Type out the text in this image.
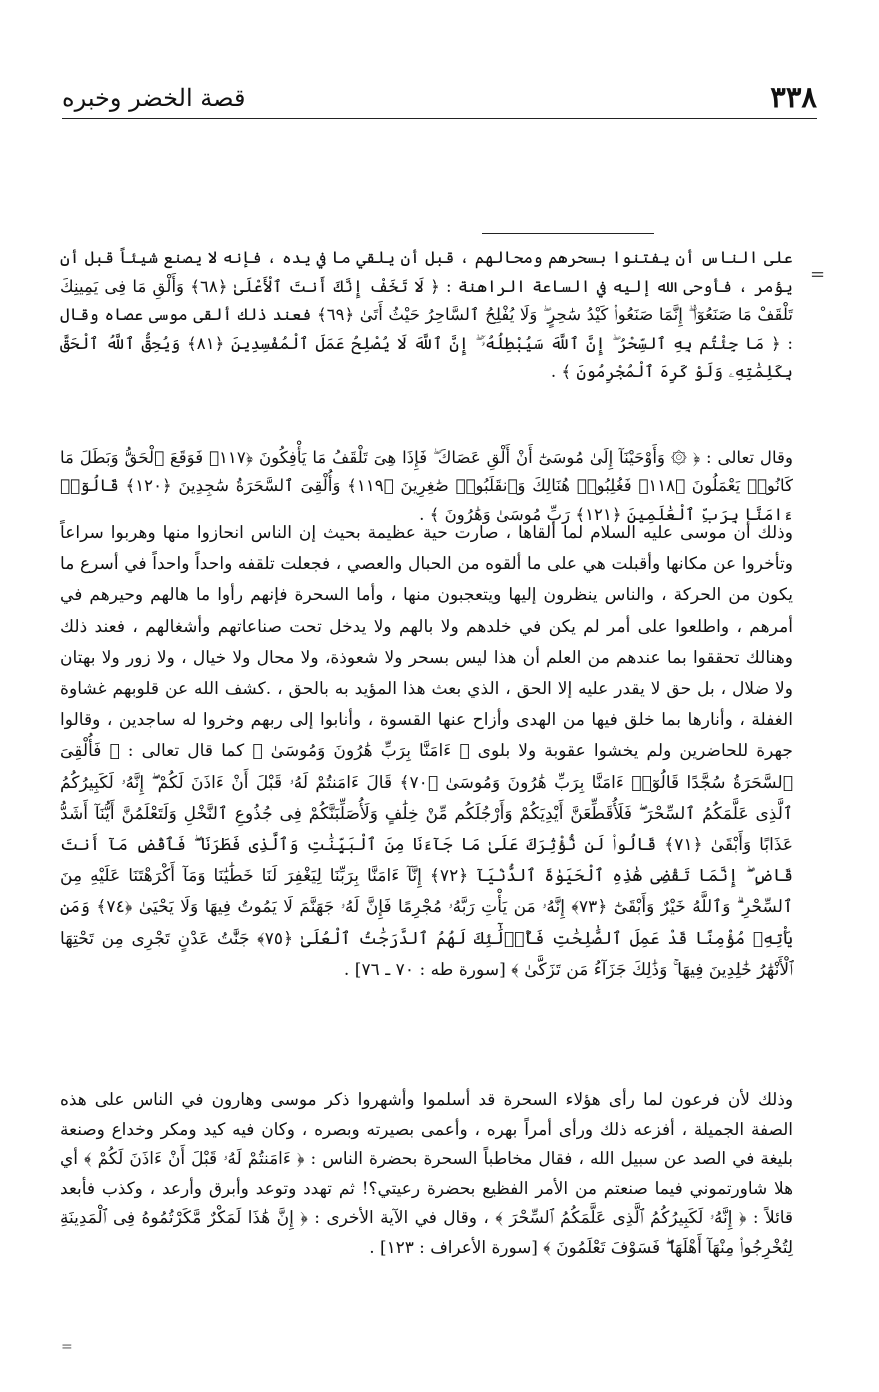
٣٣٨
قصة الخضر وخبره
=

على الناس أن يفتنوا بسحرهم ومحالهم ، قبل أن يلقي ما في يده ، فإنه لا يصنع شيئاً قبل أن يؤمر ، فأوحى الله إليه في الساعة الراهنة : ﴿ لَا تَخَفْ إِنَّكَ أَنتَ ٱلْأَعْلَىٰ ﴿٦٨﴾ وَأَلْقِ مَا فِى يَمِينِكَ تَلْقَفْ مَا صَنَعُوٓا۟ ۖ إِنَّمَا صَنَعُوا۟ كَيْدُ سَٰحِرٍ ۖ وَلَا يُفْلِحُ ٱلسَّاحِرُ حَيْثُ أَتَىٰ ﴿٦٩﴾ فعند ذلك ألقى موسى عصاه وقال : ﴿ مَا جِئْتُم بِهِ ٱلسِّحْرُ ۖ إِنَّ ٱللَّهَ سَيُبْطِلُهُۥٓ ۖ إِنَّ ٱللَّهَ لَا يُصْلِحُ عَمَلَ ٱلْمُفْسِدِينَ ﴿٨١﴾ وَيُحِقُّ ٱللَّهُ ٱلْحَقَّ بِكَلِمَٰتِهِۦ وَلَوْ كَرِهَ ٱلْمُجْرِمُونَ ﴾ .

وقال تعالى : ﴿ ۞ وَأَوْحَيْنَآ إِلَىٰ مُوسَىٰٓ أَنْ أَلْقِ عَصَاكَ ۖ فَإِذَا هِىَ تَلْقَفُ مَا يَأْفِكُونَ ﴿١١٧﴾ فَوَقَعَ ٱلْحَقُّ وَبَطَلَ مَا كَانُوا۟ يَعْمَلُونَ ﴿١١٨﴾ فَغُلِبُوا۟ هُنَالِكَ وَٱنقَلَبُوا۟ صَٰغِرِينَ ﴿١١٩﴾ وَأُلْقِىَ ٱلسَّحَرَةُ سَٰجِدِينَ ﴿١٢٠﴾ قَالُوٓا۟ ءَامَنَّا بِرَبِّ ٱلْعَٰلَمِينَ ﴿١٢١﴾ رَبِّ مُوسَىٰ وَهَٰرُونَ ﴾ .

وذلك أن موسى عليه السلام لما ألقاها ، صارت حية عظيمة بحيث إن الناس انحازوا منها وهربوا سراعاً وتأخروا عن مكانها وأقبلت هي على ما ألقوه من الحبال والعصي ، فجعلت تلقفه واحداً واحداً في أسرع ما يكون من الحركة ، والناس ينظرون إليها ويتعجبون منها ، وأما السحرة فإنهم رأوا ما هالهم وحيرهم في أمرهم ، واطلعوا على أمر لم يكن في خلدهم ولا بالهم ولا يدخل تحت صناعاتهم وأشغالهم ، فعند ذلك وهنالك تحققوا بما عندهم من العلم أن هذا ليس بسحر ولا شعوذة، ولا محال ولا خيال ، ولا زور ولا بهتان ولا ضلال ، بل حق لا يقدر عليه إلا الحق ، الذي بعث هذا المؤيد به بالحق ، .كشف الله عن قلوبهم غشاوة الغفلة ، وأنارها بما خلق فيها من الهدى وأزاح عنها القسوة ، وأنابوا إلى ربهم وخروا له ساجدين ، وقالوا جهرة للحاضرين ولم يخشوا عقوبة ولا بلوى ﴿ ءَامَنَّا بِرَبِّ هَٰرُونَ وَمُوسَىٰ ﴾ كما قال تعالى : ﴿ فَأُلْقِىَ ٱلسَّحَرَةُ سُجَّدًا قَالُوٓا۟ ءَامَنَّا بِرَبِّ هَٰرُونَ وَمُوسَىٰ ﴿٧٠﴾ قَالَ ءَامَنتُمْ لَهُۥ قَبْلَ أَنْ ءَاذَنَ لَكُمْ ۖ إِنَّهُۥ لَكَبِيرُكُمُ ٱلَّذِى عَلَّمَكُمُ ٱلسِّحْرَ ۖ فَلَأُقَطِّعَنَّ أَيْدِيَكُمْ وَأَرْجُلَكُم مِّنْ خِلَٰفٍ وَلَأُصَلِّبَنَّكُمْ فِى جُذُوعِ ٱلنَّخْلِ وَلَتَعْلَمُنَّ أَيُّنَآ أَشَدُّ عَذَابًا وَأَبْقَىٰ ﴿٧١﴾ قَالُوا۟ لَن نُّؤْثِرَكَ عَلَىٰ مَا جَآءَنَا مِنَ ٱلْبَيِّنَٰتِ وَٱلَّذِى فَطَرَنَا ۖ فَٱقْضِ مَآ أَنتَ قَاضٍ ۖ إِنَّمَا تَقْضِى هَٰذِهِ ٱلْحَيَوٰةَ ٱلدُّنْيَآ ﴿٧٢﴾ إِنَّآ ءَامَنَّا بِرَبِّنَا لِيَغْفِرَ لَنَا خَطَٰيَٰنَا وَمَآ أَكْرَهْتَنَا عَلَيْهِ مِنَ ٱلسِّحْرِ ۗ وَٱللَّهُ خَيْرٌ وَأَبْقَىٰٓ ﴿٧٣﴾ إِنَّهُۥ مَن يَأْتِ رَبَّهُۥ مُجْرِمًا فَإِنَّ لَهُۥ جَهَنَّمَ لَا يَمُوتُ فِيهَا وَلَا يَحْيَىٰ ﴿٧٤﴾ وَمَن يَأْتِهِۦ مُؤْمِنًا قَدْ عَمِلَ ٱلصَّٰلِحَٰتِ فَأُو۟لَٰٓئِكَ لَهُمُ ٱلدَّرَجَٰتُ ٱلْعُلَىٰ ﴿٧٥﴾ جَنَّٰتُ عَدْنٍ تَجْرِى مِن تَحْتِهَا ٱلْأَنْهَٰرُ خَٰلِدِينَ فِيهَا ۚ وَذَٰلِكَ جَزَآءُ مَن تَزَكَّىٰ ﴾ [سورة طه : ٧٠ ـ ٧٦] .

وذلك لأن فرعون لما رأى هؤلاء السحرة قد أسلموا وأشهروا ذكر موسى وهارون في الناس على هذه الصفة الجميلة ، أفزعه ذلك ورأى أمراً بهره ، وأعمى بصيرته وبصره ، وكان فيه كيد ومكر وخداع وصنعة بليغة في الصد عن سبيل الله ، فقال مخاطباً السحرة بحضرة الناس : ﴿ ءَامَنتُمْ لَهُۥ قَبْلَ أَنْ ءَاذَنَ لَكُمْ ﴾ أي هلا شاورتموني فيما صنعتم من الأمر الفظيع بحضرة رعيتي؟! ثم تهدد وتوعد وأبرق وأرعد ، وكذب فأبعد قائلاً : ﴿ إِنَّهُۥ لَكَبِيرُكُمُ ٱلَّذِى عَلَّمَكُمُ ٱلسِّحْرَ ﴾ ، وقال في الآية الأخرى : ﴿ إِنَّ هَٰذَا لَمَكْرٌ مَّكَرْتُمُوهُ فِى ٱلْمَدِينَةِ لِتُخْرِجُوا۟ مِنْهَآ أَهْلَهَا ۖ فَسَوْفَ تَعْلَمُونَ ﴾ [سورة الأعراف : ١٢٣] .

=
